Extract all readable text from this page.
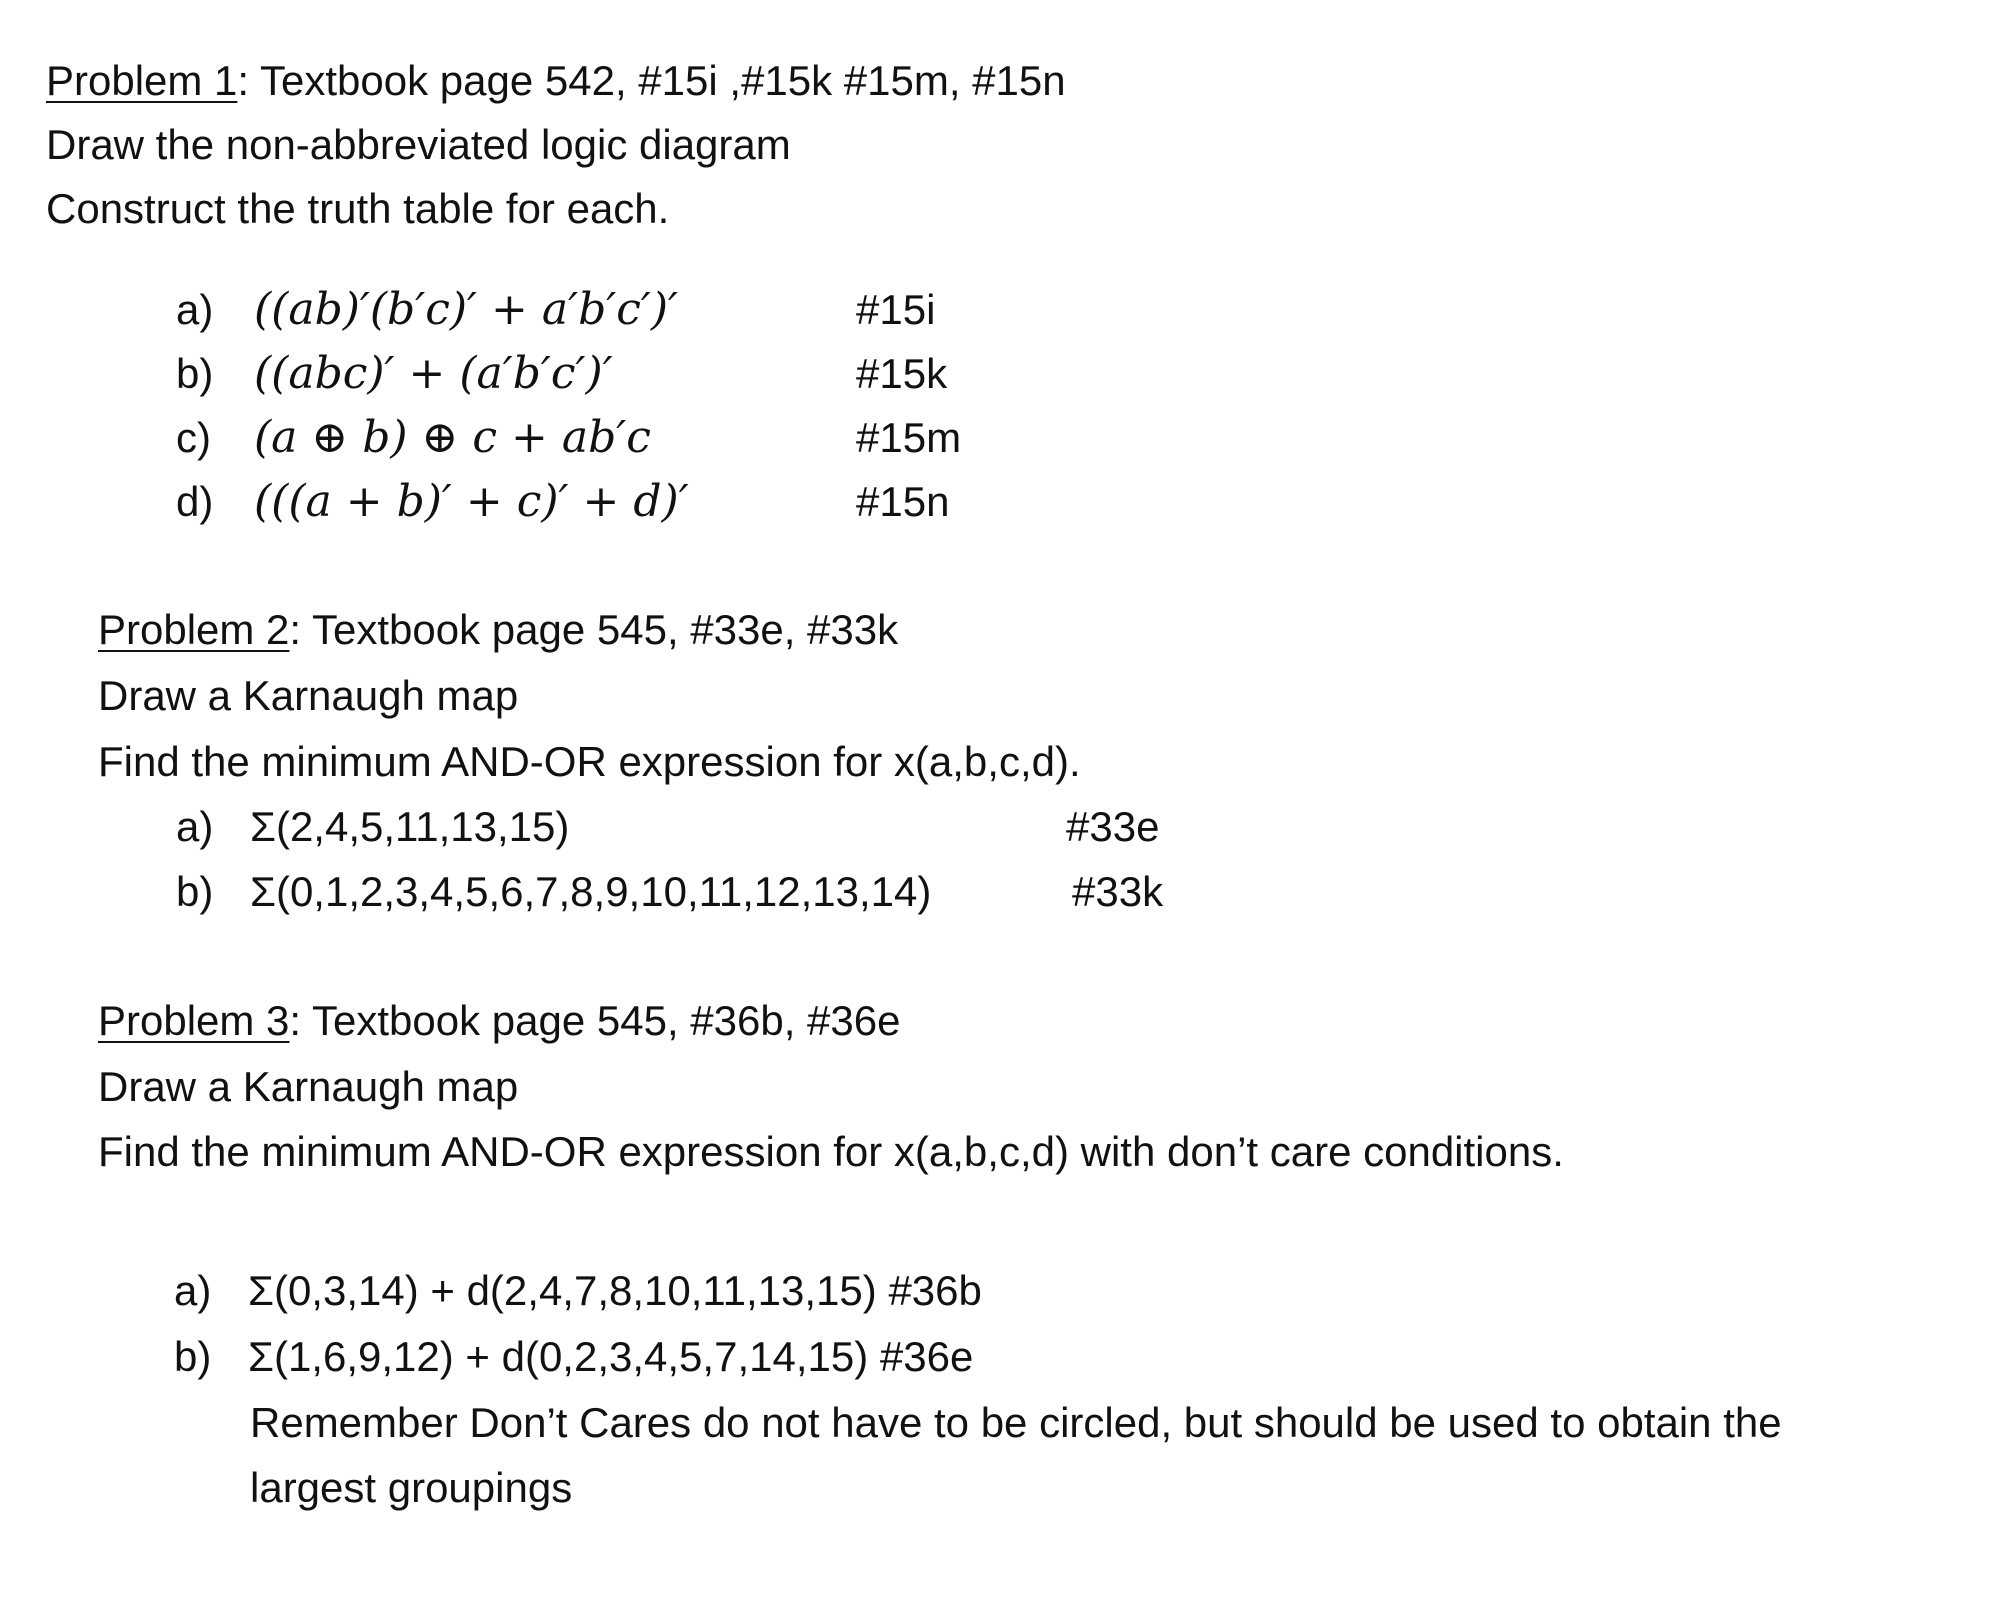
Problem 1: Textbook page 542, #15i ,#15k #15m, #15n
Draw the non-abbreviated logic diagram
Construct the truth table for each.
a) ((ab)′(b′c)′ + a′b′c′)′	#15i
b) ((abc)′ + (a′b′c′)′	#15k
c) (a ⊕ b) ⊕ c + ab′c	#15m
d) (((a + b)′ + c)′ + d)′	#15n
Problem 2: Textbook page 545, #33e, #33k
Draw a Karnaugh map
Find the minimum AND-OR expression for x(a,b,c,d).
a) Σ(2,4,5,11,13,15)	#33e
b) Σ(0,1,2,3,4,5,6,7,8,9,10,11,12,13,14)	#33k
Problem 3: Textbook page 545, #36b, #36e
Draw a Karnaugh map
Find the minimum AND-OR expression for x(a,b,c,d) with don’t care conditions.
a) Σ(0,3,14) + d(2,4,7,8,10,11,13,15) #36b
b) Σ(1,6,9,12) + d(0,2,3,4,5,7,14,15) #36e
Remember Don’t Cares do not have to be circled, but should be used to obtain the
largest groupings
